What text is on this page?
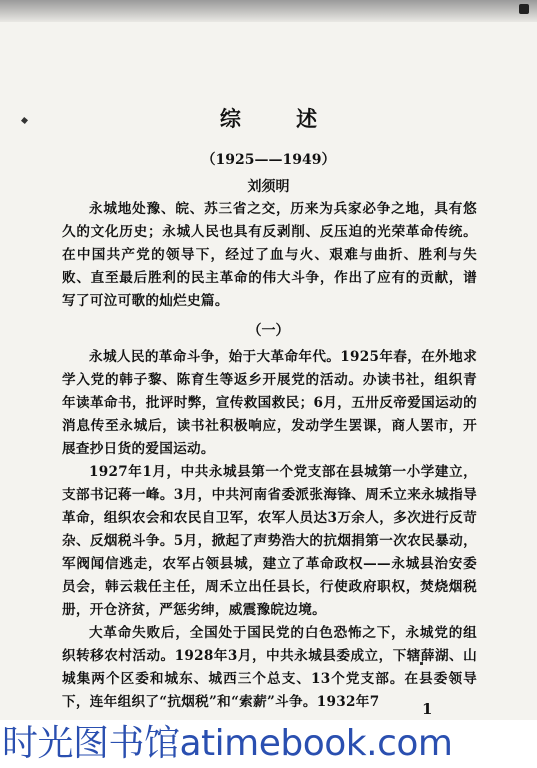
综 述
（1925——1949）
刘须明
永城地处豫、皖、苏三省之交，历来为兵家必争之地，具有悠久的文化历史；永城人民也具有反剥削、反压迫的光荣革命传统。在中国共产党的领导下，经过了血与火、艰难与曲折、胜利与失败、直至最后胜利的民主革命的伟大斗争，作出了应有的贡献，谱写了可泣可歌的灿烂史篇。
（一）
永城人民的革命斗争，始于大革命年代。1925年春，在外地求学入党的韩子黎、陈育生等返乡开展党的活动。办读书社，组织青年读革命书，批评时弊，宣传救国救民；6月，五卅反帝爱国运动的消息传至永城后，读书社积极响应，发动学生罢课，商人罢市，开展查抄日货的爱国运动。
1927年1月，中共永城县第一个党支部在县城第一小学建立，支部书记蒋一峰。3月，中共河南省委派张海锋、周禾立来永城指导革命，组织农会和农民自卫军，农军人员达3万余人，多次进行反苛杂、反烟税斗争。5月，掀起了声势浩大的抗烟捐第一次农民暴动，军阀闻信逃走，农军占领县城，建立了革命政权——永城县治安委员会，韩云栽任主任，周禾立出任县长，行使政府职权，焚烧烟税册，开仓济贫，严惩劣绅，威震豫皖边境。
大革命失败后，全国处于国民党的白色恐怖之下，永城党的组织转移农村活动。1928年3月，中共永城县委成立，下辖薛湖、山城集两个区委和城东、城西三个总支、13个党支部。在县委领导下，连年组织了“抗烟税”和“索薪”斗争。1932年7	1
时光图书馆atimebook.com
